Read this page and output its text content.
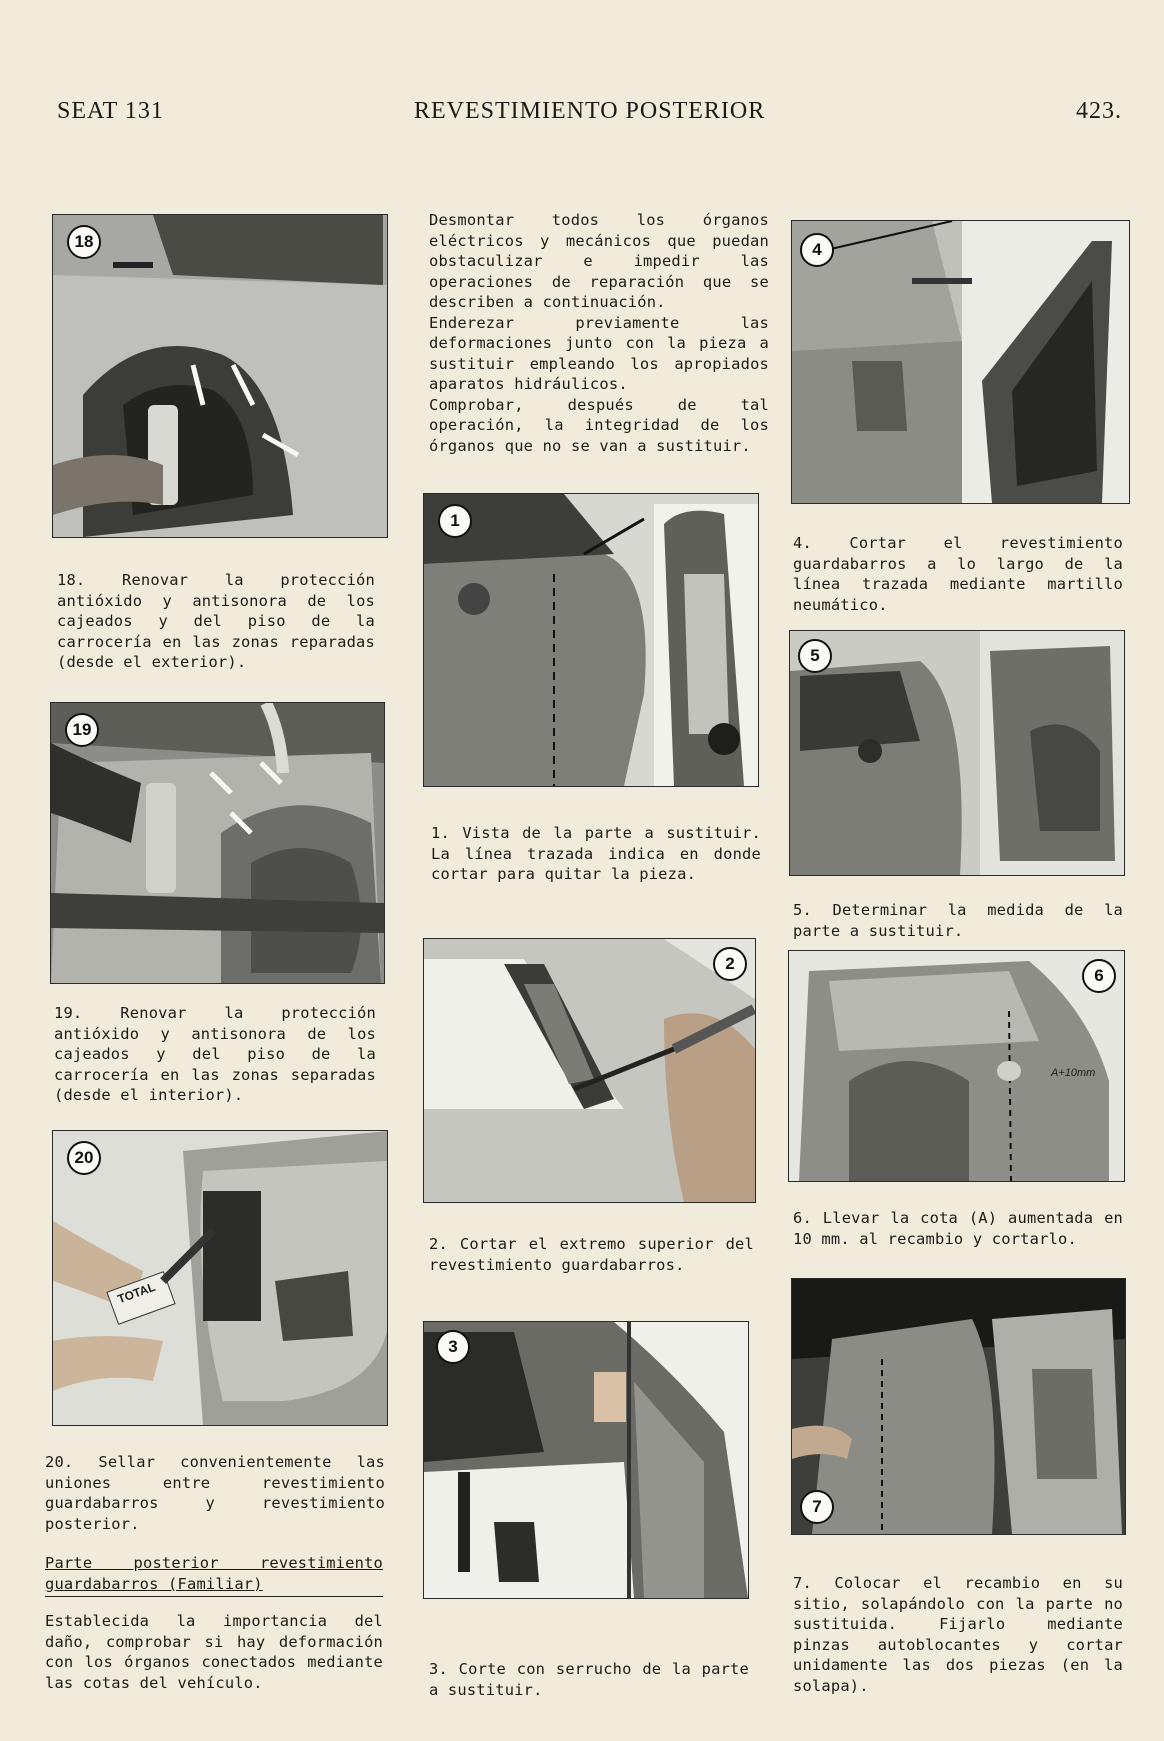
SEAT 131	REVESTIMIENTO POSTERIOR	423.
18
19
TOTAL
20
18. Renovar la protección antióxido y antisonora de los cajeados y del piso de la carrocería en las zonas reparadas (desde el exterior).
19. Renovar la protección antióxido y antisonora de los cajeados y del piso de la carrocería en las zonas separadas (desde el interior).
20. Sellar convenientemente las uniones entre revestimiento guardabarros y revestimiento posterior.
Parte posterior revestimiento guardabarros (Familiar)
Establecida la importancia del daño, comprobar si hay deformación con los órganos conectados mediante las cotas del vehículo.
Desmontar todos los órganos eléctricos y mecánicos que puedan obstaculizar e impedir las operaciones de reparación que se describen a continuación.
Enderezar previamente las deformaciones junto con la pieza a sustituir empleando los apropiados aparatos hidráulicos.
Comprobar, después de tal operación, la integridad de los órganos que no se van a sustituir.
1
1. Vista de la parte a sustituir. La línea trazada indica en donde cortar para quitar la pieza.
2
2. Cortar el extremo superior del revestimiento guardabarros.
3
3. Corte con serrucho de la parte a sustituir.
4
4. Cortar el revestimiento guardabarros a lo largo de la línea trazada mediante martillo neumático.
5
5. Determinar la medida de la parte a sustituir.
A+10mm
6
6. Llevar la cota (A) aumentada en 10 mm. al recambio y cortarlo.
7
7. Colocar el recambio en su sitio, solapándolo con la parte no sustituida. Fijarlo mediante pinzas autoblocantes y cortar unidamente las dos piezas (en la solapa).
